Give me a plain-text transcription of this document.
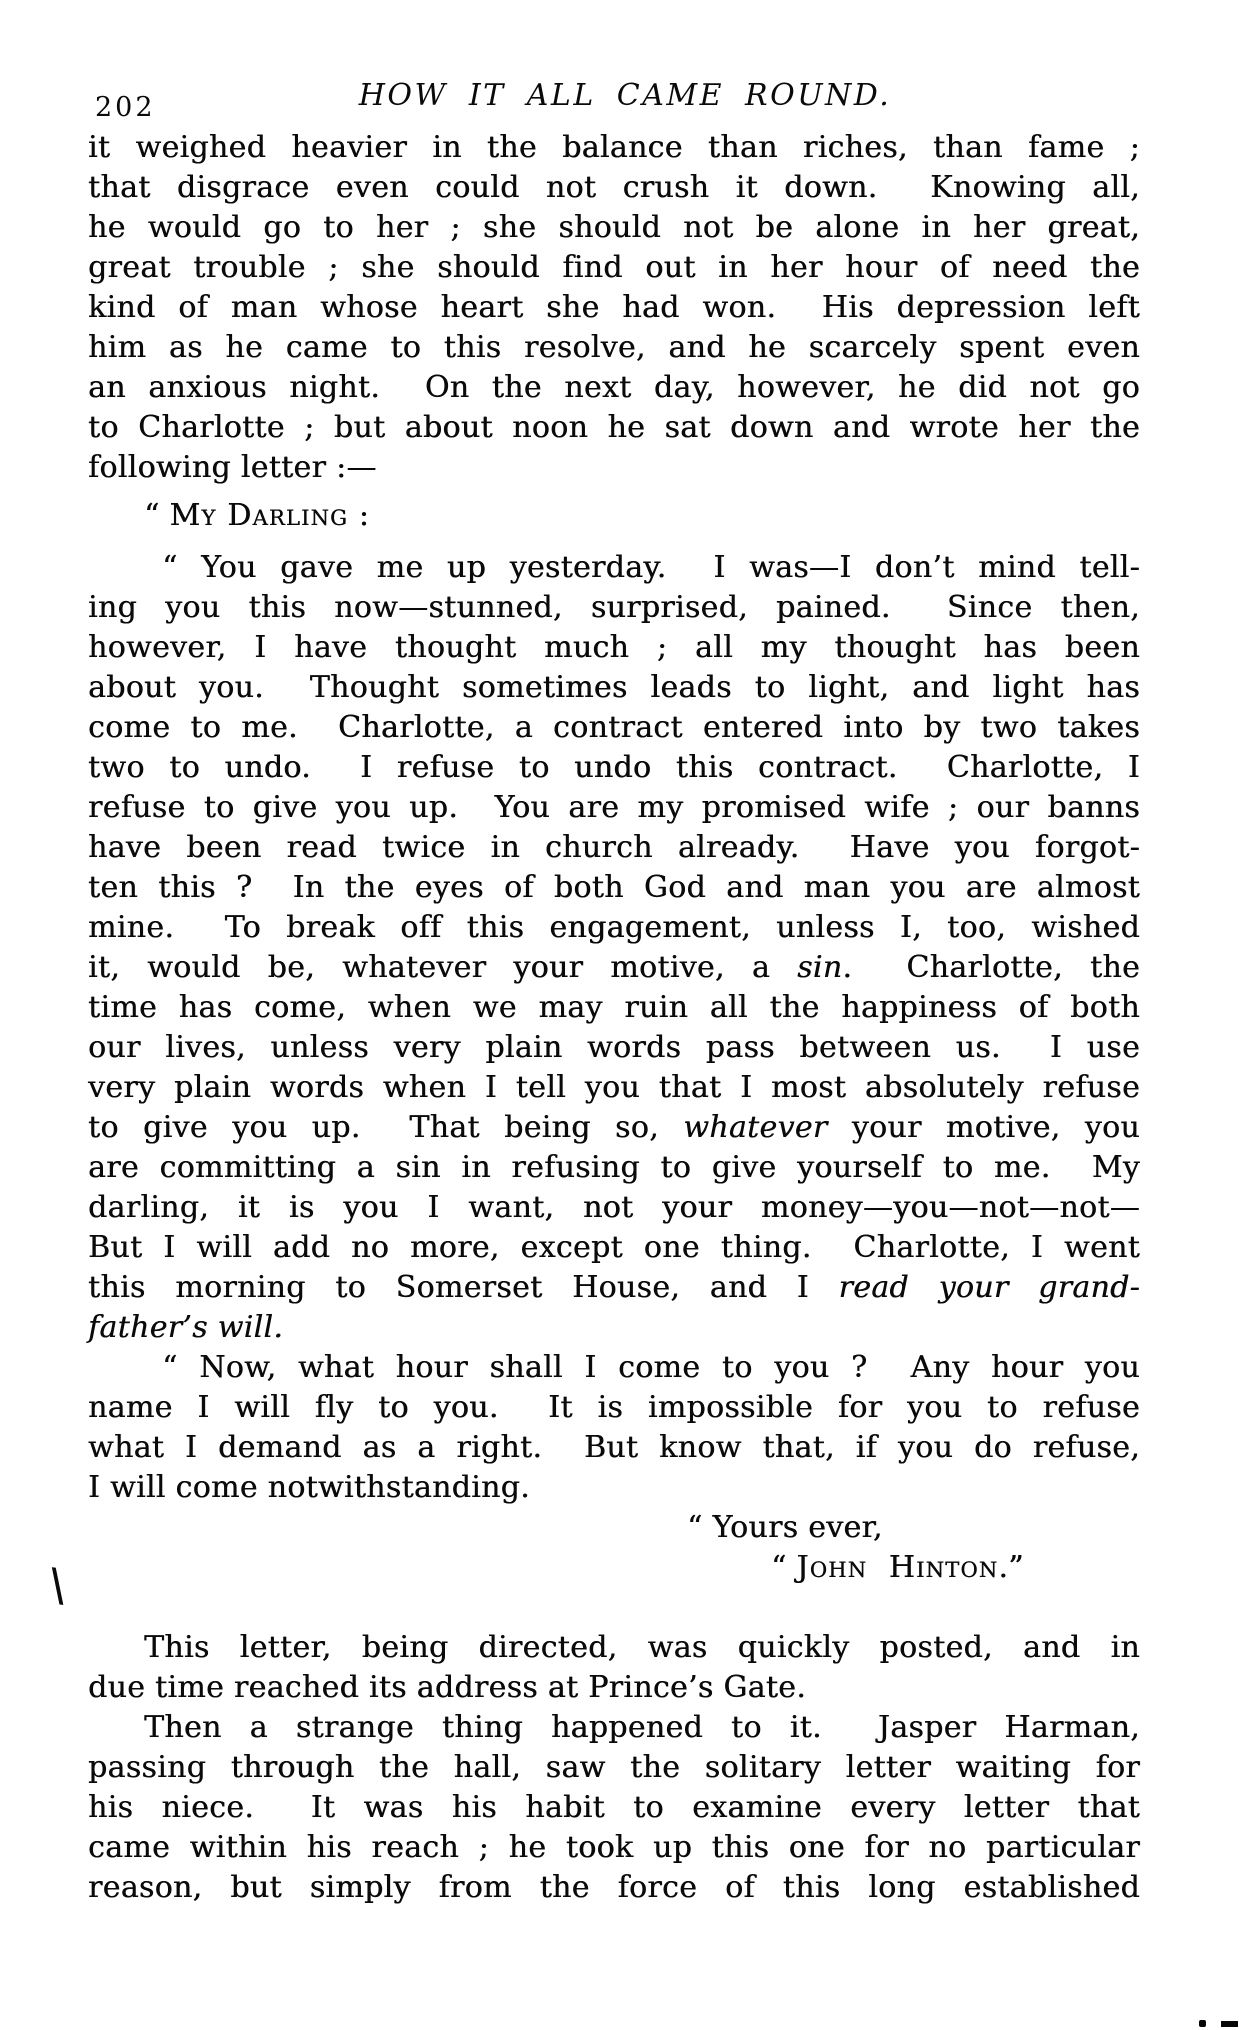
202	HOW IT ALL CAME ROUND.
it weighed heavier in the balance than riches, than fame ;
that disgrace even could not crush it down.  Knowing all,
he would go to her ; she should not be alone in her great,
great trouble ; she should find out in her hour of need the
kind of man whose heart she had won.  His depression left
him as he came to this resolve, and he scarcely spent even
an anxious night.  On the next day, however, he did not go
to Charlotte ; but about noon he sat down and wrote her the
following letter :—
“ My Darling :
“ You gave me up yesterday.  I was—I don’t mind tell-
ing you this now—stunned, surprised, pained.  Since then,
however, I have thought much ; all my thought has been
about you.  Thought sometimes leads to light, and light has
come to me.  Charlotte, a contract entered into by two takes
two to undo.  I refuse to undo this contract.  Charlotte, I
refuse to give you up.  You are my promised wife ; our banns
have been read twice in church already.  Have you forgot-
ten this ?  In the eyes of both God and man you are almost
mine.  To break off this engagement, unless I, too, wished
it, would be, whatever your motive, a sin.  Charlotte, the
time has come, when we may ruin all the happiness of both
our lives, unless very plain words pass between us.  I use
very plain words when I tell you that I most absolutely refuse
to give you up.  That being so, whatever your motive, you
are committing a sin in refusing to give yourself to me.  My
darling, it is you I want, not your money—you—not—not—
But I will add no more, except one thing.  Charlotte, I went
this morning to Somerset House, and I read your grand-
father’s will.
“ Now, what hour shall I come to you ?  Any hour you
name I will fly to you.  It is impossible for you to refuse
what I demand as a right.  But know that, if you do refuse,
I will come notwithstanding.
“ Yours ever,
“ John  Hinton.”
This letter, being directed, was quickly posted, and in
due time reached its address at Prince’s Gate.
Then a strange thing happened to it.  Jasper Harman,
passing through the hall, saw the solitary letter waiting for
his niece.  It was his habit to examine every letter that
came within his reach ; he took up this one for no particular
reason, but simply from the force of this long established
\
